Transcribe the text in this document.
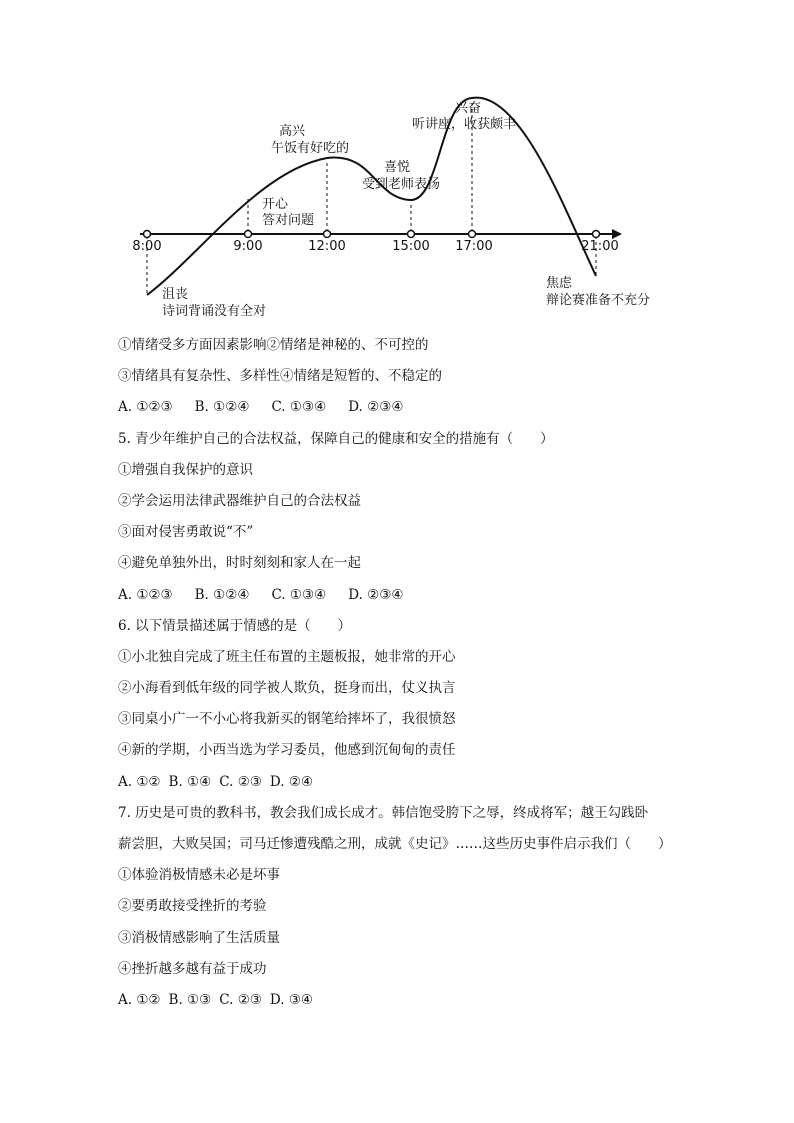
8:00	9:00	12:00	15:00 17:00	21:00
沮丧
诗词背诵没有全对
开心
答对问题
高兴
午饭有好吃的
喜悦
受到老师表扬
兴奋
听讲座，收获颇丰
焦虑
辩论赛准备不充分
①情绪受多方面因素影响②情绪是神秘的、不可控的
③情绪具有复杂性、多样性④情绪是短暂的、不稳定的
A. ①②③ B. ①②④ C. ①③④ D. ②③④
5. 青少年维护自己的合法权益，保障自己的健康和安全的措施有（　　）
①增强自我保护的意识
②学会运用法律武器维护自己的合法权益
③面对侵害勇敢说“不”
④避免单独外出，时时刻刻和家人在一起
A. ①②③ B. ①②④ C. ①③④ D. ②③④
6. 以下情景描述属于情感的是（　　）
①小北独自完成了班主任布置的主题板报，她非常的开心
②小海看到低年级的同学被人欺负，挺身而出，仗义执言
③同桌小广一不小心将我新买的钢笔给摔坏了，我很愤怒
④新的学期，小西当选为学习委员，他感到沉甸甸的责任
A. ①② B. ①④ C. ②③ D. ②④
7. 历史是可贵的教科书，教会我们成长成才。韩信饱受胯下之辱，终成将军；越王勾践卧
薪尝胆，大败吴国；司马迁惨遭残酷之刑，成就《史记》……这些历史事件启示我们（　　）
①体验消极情感未必是坏事
②要勇敢接受挫折的考验
③消极情感影响了生活质量
④挫折越多越有益于成功
A. ①② B. ①③ C. ②③ D. ③④
